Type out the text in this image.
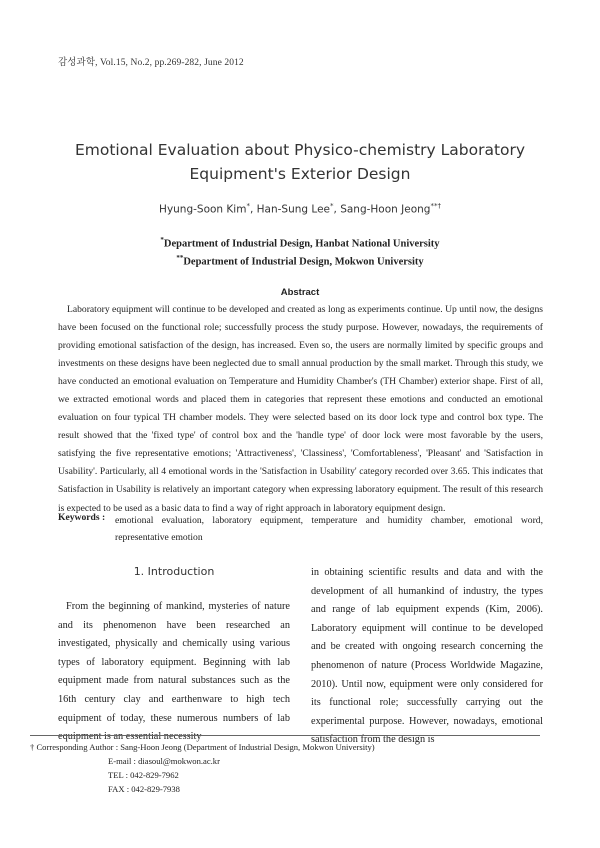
감성과학, Vol.15, No.2, pp.269-282, June 2012
Emotional Evaluation about Physico-chemistry Laboratory
Equipment's Exterior Design
Hyung-Soon Kim*, Han-Sung Lee*, Sang-Hoon Jeong**†
*Department of Industrial Design, Hanbat National University
**Department of Industrial Design, Mokwon University
Abstract

Laboratory equipment will continue to be developed and created as long as experiments continue. Up until now, the designs have been focused on the functional role; successfully process the study purpose. However, nowadays, the requirements of providing emotional satisfaction of the design, has increased. Even so, the users are normally limited by specific groups and investments on these designs have been neglected due to small annual production by the small market. Through this study, we have conducted an emotional evaluation on Temperature and Humidity Chamber's (TH Chamber) exterior shape. First of all, we extracted emotional words and placed them in categories that represent these emotions and conducted an emotional evaluation on four typical TH chamber models. They were selected based on its door lock type and control box type. The result showed that the 'fixed type' of control box and the 'handle type' of door lock were most favorable by the users, satisfying the five representative emotions; 'Attractiveness', 'Classiness', 'Comfortableness', 'Pleasant' and 'Satisfaction in Usability'. Particularly, all 4 emotional words in the 'Satisfaction in Usability' category recorded over 3.65. This indicates that Satisfaction in Usability is relatively an important category when expressing laboratory equipment. The result of this research is expected to be used as a basic data to find a way of right approach in laboratory equipment design.

Keywords : emotional evaluation, laboratory equipment, temperature and humidity chamber, emotional word, representative emotion

1. Introduction

From the beginning of mankind, mysteries of nature and its phenomenon have been researched an investigated, physically and chemically using various types of laboratory equipment. Beginning with lab equipment made from natural substances such as the 16th century clay and earthenware to high tech equipment of today, these numerous numbers of lab equipment is an essential necessity

in obtaining scientific results and data and with the development of all humankind of industry, the types and range of lab equipment expends (Kim, 2006). Laboratory equipment will continue to be developed and be created with ongoing research concerning the phenomenon of nature (Process Worldwide Magazine, 2010). Until now, equipment were only considered for its functional role; successfully carrying out the experimental purpose. However, nowadays, emotional satisfaction from the design is

† Corresponding Author : Sang-Hoon Jeong (Department of Industrial Design, Mokwon University)
E-mail : diasoul@mokwon.ac.kr
TEL : 042-829-7962
FAX : 042-829-7938
